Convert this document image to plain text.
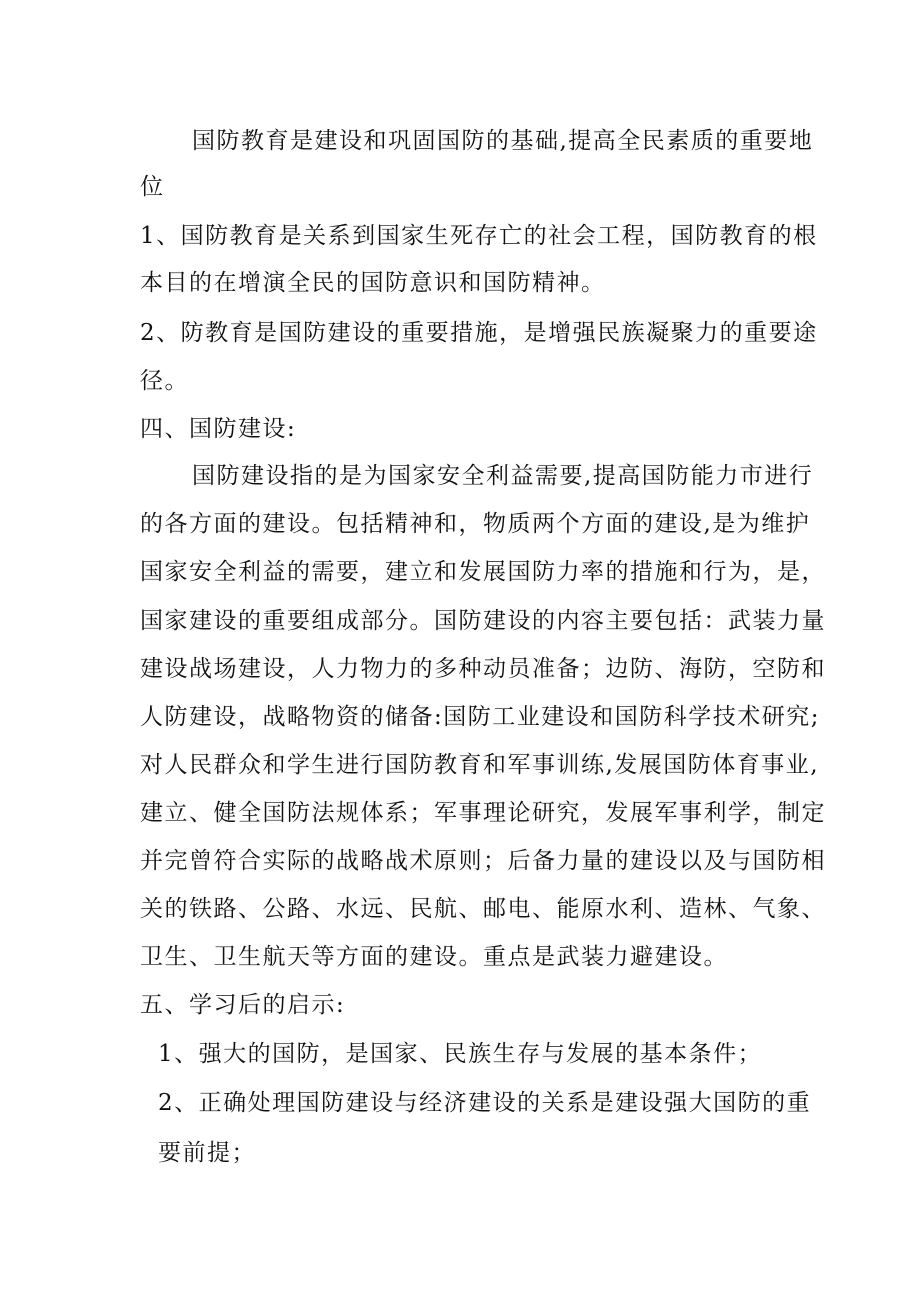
国防教育是建设和巩固国防的基础,提高全民素质的重要地
位
1、国防教育是关系到国家生死存亡的社会工程，国防教育的根
本目的在增演全民的国防意识和国防精神。
2、防教育是国防建设的重要措施，是增强民族凝聚力的重要途
径。
四、国防建设:
国防建设指的是为国家安全利益需要,提高国防能力市进行
的各方面的建设。包括精神和，物质两个方面的建设,是为维护
国家安全利益的需要，建立和发展国防力率的措施和行为，是，
国家建设的重要组成部分。国防建设的内容主要包括：武装力量
建设战场建设，人力物力的多种动员准备；边防、海防，空防和
人防建设，战略物资的储备:国防工业建设和国防科学技术研究;
对人民群众和学生进行国防教育和军事训练,发展国防体育事业,
建立、健全国防法规体系；军事理论研究，发展军事利学，制定
并完曾符合实际的战略战术原则；后备力量的建设以及与国防相
关的铁路、公路、水远、民航、邮电、能原水利、造林、气象、
卫生、卫生航天等方面的建设。重点是武装力避建设。
五、学习后的启示:
1、强大的国防，是国家、民族生存与发展的基本条件；
2、正确处理国防建设与经济建设的关系是建设强大国防的重
要前提；
